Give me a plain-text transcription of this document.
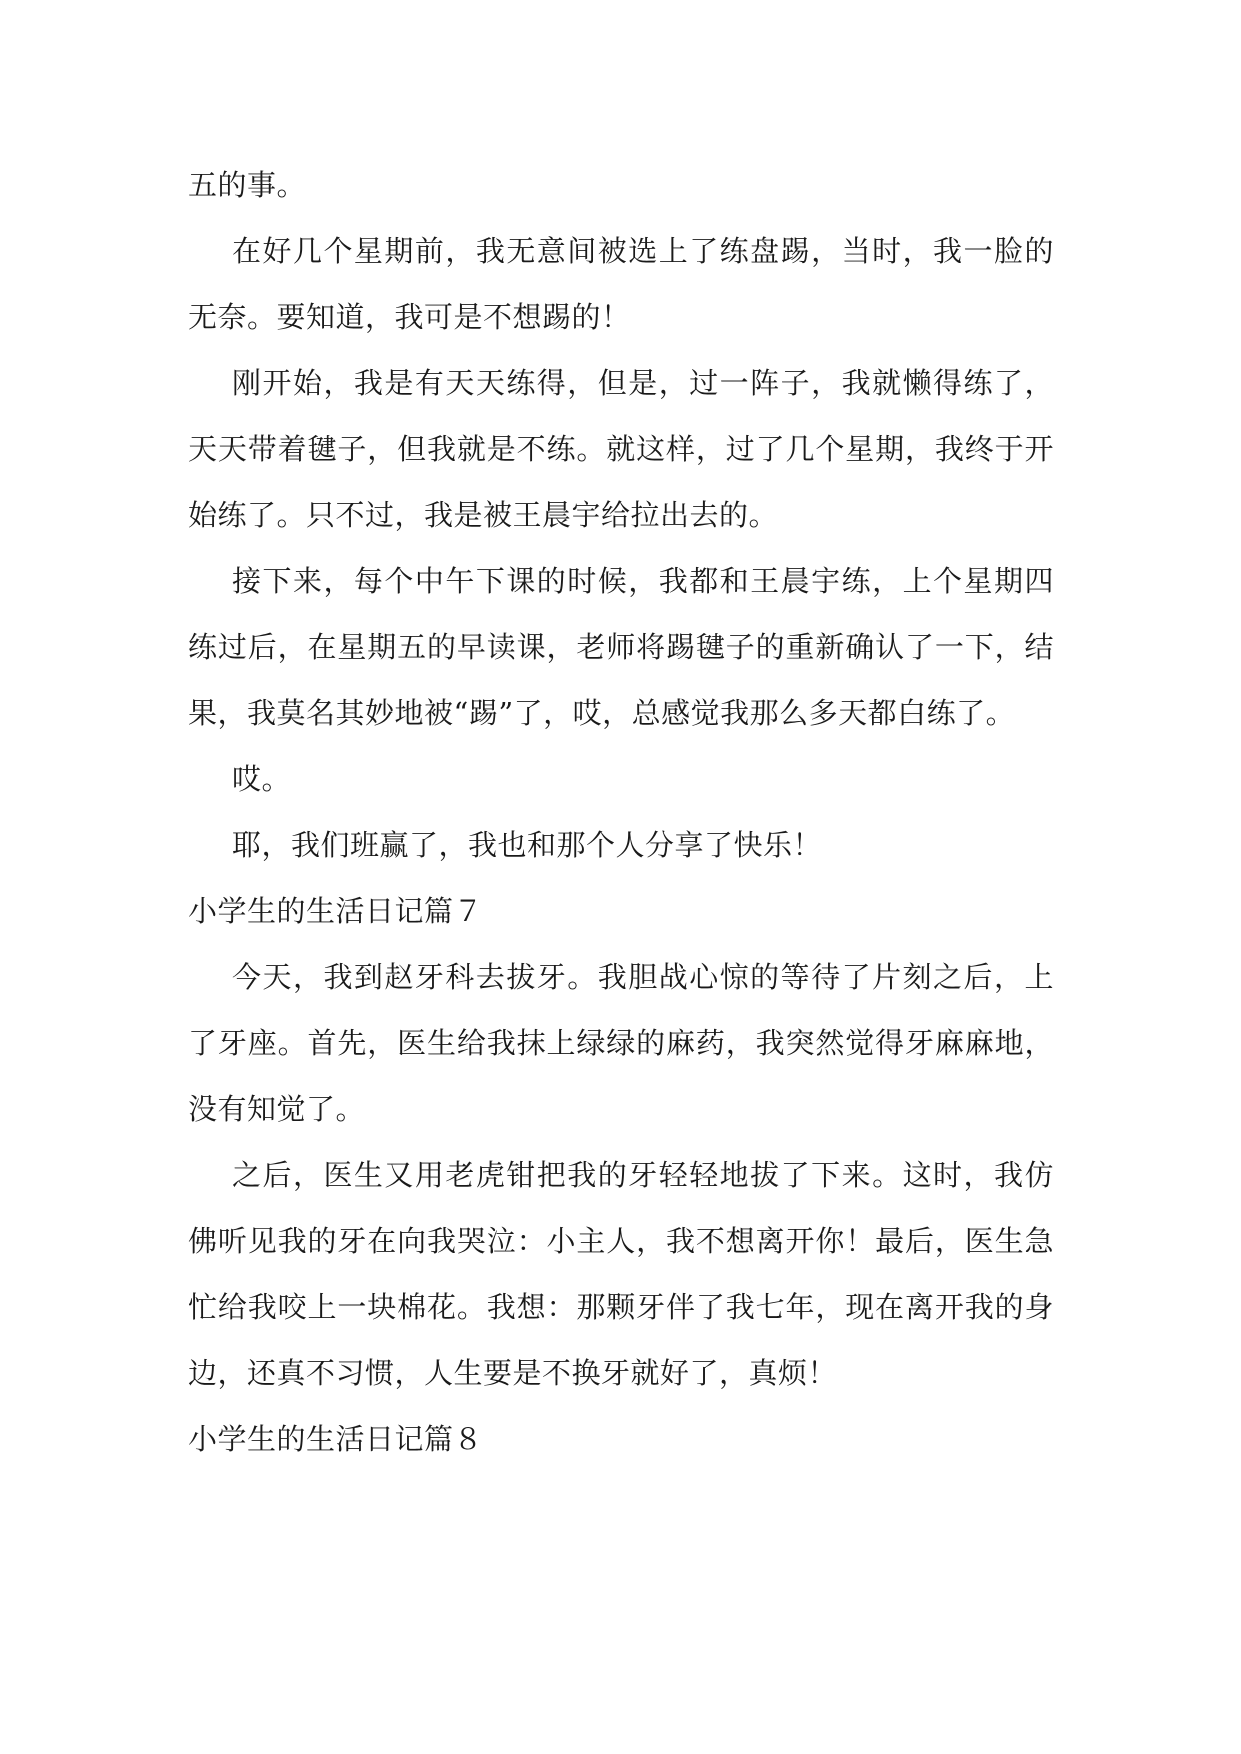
五的事。

在好几个星期前，我无意间被选上了练盘踢，当时，我一脸的无奈。要知道，我可是不想踢的！

刚开始，我是有天天练得，但是，过一阵子，我就懒得练了，天天带着毽子，但我就是不练。就这样，过了几个星期，我终于开始练了。只不过，我是被王晨宇给拉出去的。

接下来，每个中午下课的时候，我都和王晨宇练，上个星期四练过后，在星期五的早读课，老师将踢毽子的重新确认了一下，结果，我莫名其妙地被“踢”了，哎，总感觉我那么多天都白练了。

哎。

耶，我们班赢了，我也和那个人分享了快乐！

小学生的生活日记篇７

今天，我到赵牙科去拔牙。我胆战心惊的等待了片刻之后，上了牙座。首先，医生给我抹上绿绿的麻药，我突然觉得牙麻麻地，没有知觉了。

之后，医生又用老虎钳把我的牙轻轻地拔了下来。这时，我仿佛听见我的牙在向我哭泣：小主人，我不想离开你！最后，医生急忙给我咬上一块棉花。我想：那颗牙伴了我七年，现在离开我的身边，还真不习惯，人生要是不换牙就好了，真烦！

小学生的生活日记篇８
